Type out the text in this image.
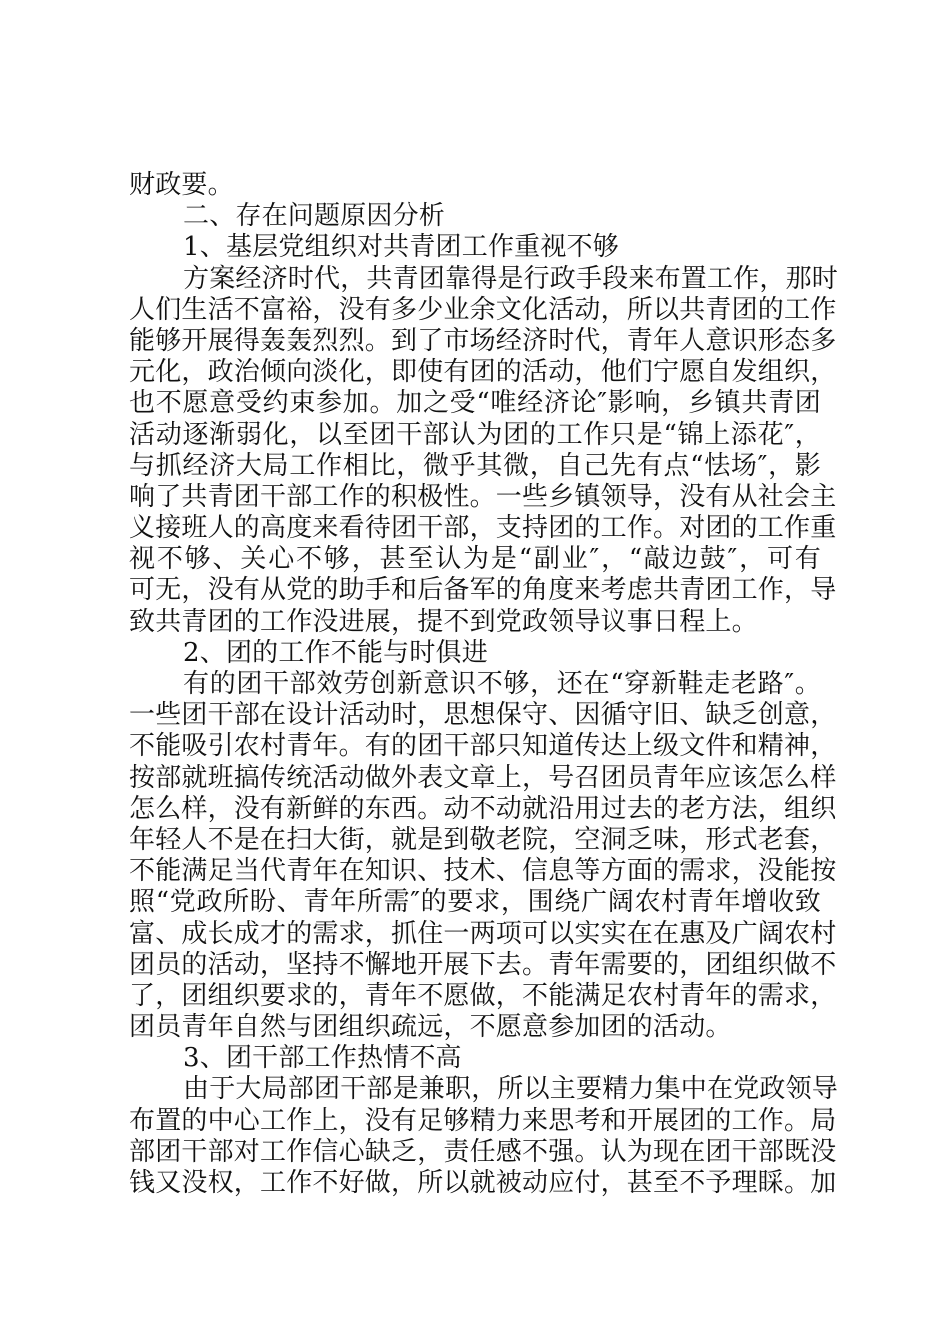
财政要。
二、存在问题原因分析
1、基层党组织对共青团工作重视不够
方案经济时代，共青团靠得是行政手段来布置工作，那时
人们生活不富裕，没有多少业余文化活动，所以共青团的工作
能够开展得轰轰烈烈。到了市场经济时代，青年人意识形态多
元化，政治倾向淡化，即使有团的活动，他们宁愿自发组织，
也不愿意受约束参加。加之受“唯经济论″影响，乡镇共青团
活动逐渐弱化，以至团干部认为团的工作只是“锦上添花″，
与抓经济大局工作相比，微乎其微，自己先有点“怯场″，影
响了共青团干部工作的积极性。一些乡镇领导，没有从社会主
义接班人的高度来看待团干部，支持团的工作。对团的工作重
视不够、关心不够，甚至认为是“副业″，“敲边鼓″，可有
可无，没有从党的助手和后备军的角度来考虑共青团工作，导
致共青团的工作没进展，提不到党政领导议事日程上。
2、团的工作不能与时俱进
有的团干部效劳创新意识不够，还在“穿新鞋走老路″。
一些团干部在设计活动时，思想保守、因循守旧、缺乏创意，
不能吸引农村青年。有的团干部只知道传达上级文件和精神，
按部就班搞传统活动做外表文章上，号召团员青年应该怎么样
怎么样，没有新鲜的东西。动不动就沿用过去的老方法，组织
年轻人不是在扫大街，就是到敬老院，空洞乏味，形式老套，
不能满足当代青年在知识、技术、信息等方面的需求，没能按
照“党政所盼、青年所需″的要求，围绕广阔农村青年增收致
富、成长成才的需求，抓住一两项可以实实在在惠及广阔农村
团员的活动，坚持不懈地开展下去。青年需要的，团组织做不
了，团组织要求的，青年不愿做，不能满足农村青年的需求，
团员青年自然与团组织疏远，不愿意参加团的活动。
3、团干部工作热情不高
由于大局部团干部是兼职，所以主要精力集中在党政领导
布置的中心工作上，没有足够精力来思考和开展团的工作。局
部团干部对工作信心缺乏，责任感不强。认为现在团干部既没
钱又没权，工作不好做，所以就被动应付，甚至不予理睬。加
